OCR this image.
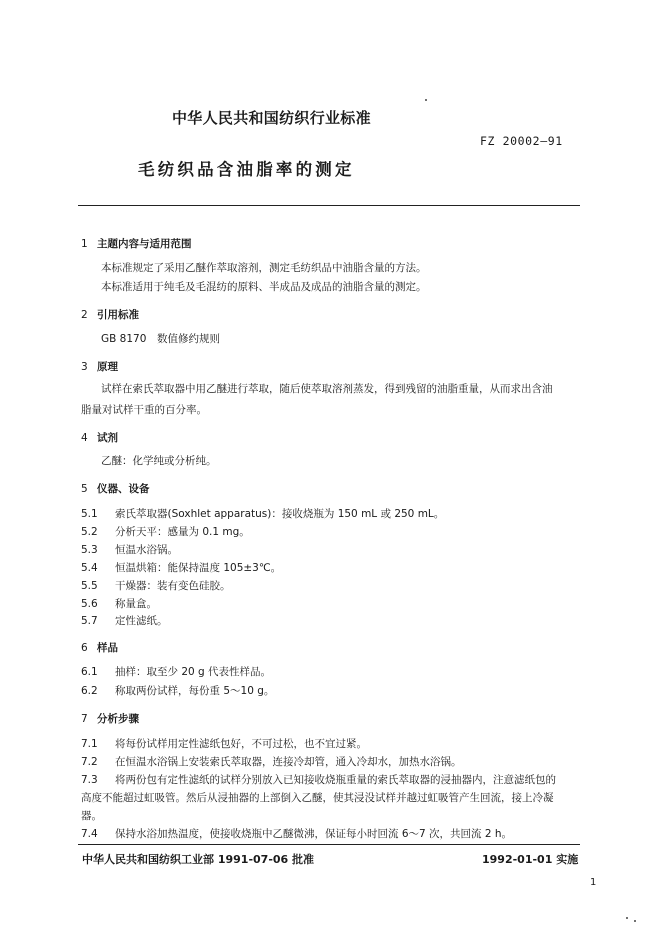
中华人民共和国纺织行业标准
FZ 20002—91
毛纺织品含油脂率的测定
1 主题内容与适用范围
本标准规定了采用乙醚作萃取溶剂，测定毛纺织品中油脂含量的方法。
本标准适用于纯毛及毛混纺的原料、半成品及成品的油脂含量的测定。
2 引用标准
GB 8170 数值修约规则
3 原理
试样在索氏萃取器中用乙醚进行萃取，随后使萃取溶剂蒸发，得到残留的油脂重量，从而求出含油
脂量对试样干重的百分率。
4 试剂
乙醚：化学纯或分析纯。
5 仪器、设备
5.1 索氏萃取器(Soxhlet apparatus)：接收烧瓶为 150 mL 或 250 mL。
5.2 分析天平：感量为 0.1 mg。
5.3 恒温水浴锅。
5.4 恒温烘箱：能保持温度 105±3℃。
5.5 干燥器：装有变色硅胶。
5.6 称量盒。
5.7 定性滤纸。
6 样品
6.1 抽样：取至少 20 g 代表性样品。
6.2 称取两份试样，每份重 5～10 g。
7 分析步骤
7.1 将每份试样用定性滤纸包好，不可过松，也不宜过紧。
7.2 在恒温水浴锅上安装索氏萃取器，连接冷却管，通入冷却水，加热水浴锅。
7.3 将两份包有定性滤纸的试样分别放入已知接收烧瓶重量的索氏萃取器的浸抽器内，注意滤纸包的
高度不能超过虹吸管。然后从浸抽器的上部倒入乙醚，使其浸没试样并越过虹吸管产生回流，接上冷凝
器。
7.4 保持水浴加热温度，使接收烧瓶中乙醚微沸，保证每小时回流 6～7 次，共回流 2 h。
中华人民共和国纺织工业部 1991-07-06 批准	1992-01-01 实施
1
